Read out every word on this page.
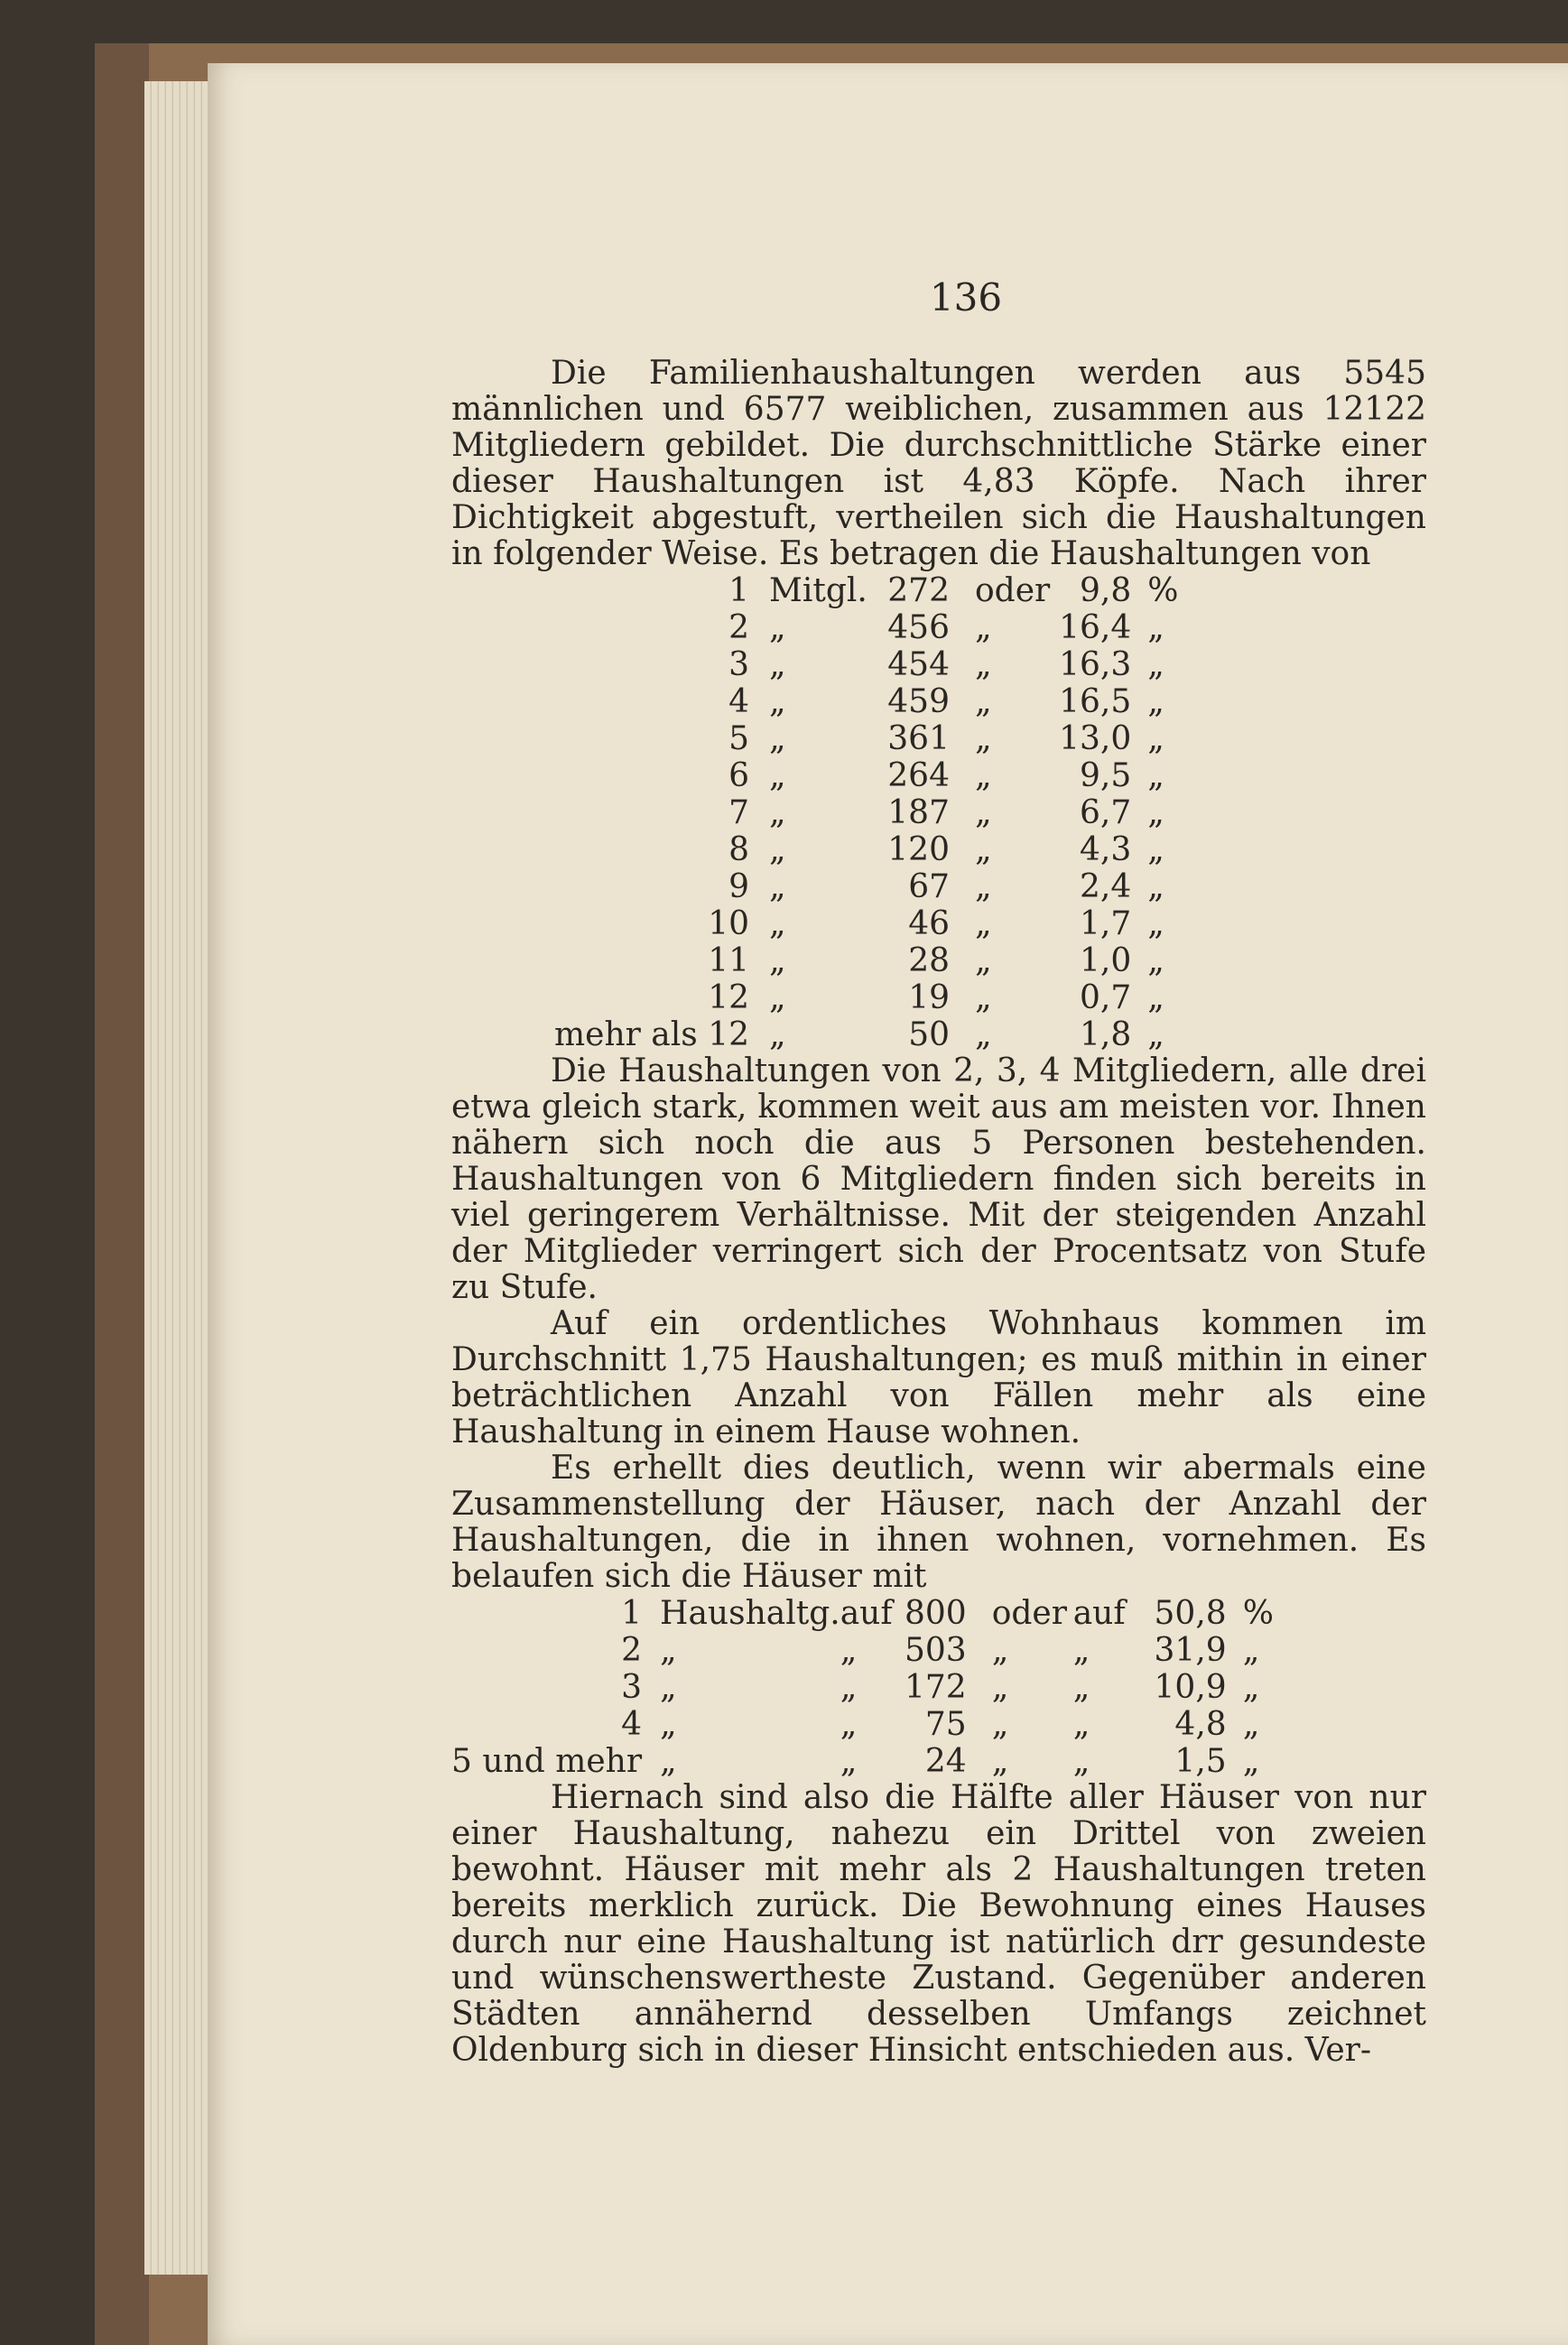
136

Die Familienhaushaltungen werden aus 5545 männlichen und 6577 weiblichen, zusammen aus 12122 Mitgliedern gebildet. Die durchschnittliche Stärke einer dieser Haushaltungen ist 4,83 Köpfe. Nach ihrer Dichtigkeit abgestuft, vertheilen sich die Haushaltungen in folgender Weise. Es betragen die Haushaltungen von

1	Mitgl.	272	oder	9,8	%
2	„	456	„	16,4	„
3	„	454	„	16,3	„
4	„	459	„	16,5	„
5	„	361	„	13,0	„
6	„	264	„	9,5	„
7	„	187	„	6,7	„
8	„	120	„	4,3	„
9	„	67	„	2,4	„
10	„	46	„	1,7	„
11	„	28	„	1,0	„
12	„	19	„	0,7	„
mehr als 12	„	50	„	1,8	„

Die Haushaltungen von 2, 3, 4 Mitgliedern, alle drei etwa gleich stark, kommen weit aus am meisten vor. Ihnen nähern sich noch die aus 5 Personen bestehenden. Haushaltungen von 6 Mitgliedern finden sich bereits in viel geringerem Verhältnisse. Mit der steigenden Anzahl der Mitglieder verringert sich der Procentsatz von Stufe zu Stufe.

Auf ein ordentliches Wohnhaus kommen im Durchschnitt 1,75 Haushaltungen; es muß mithin in einer beträchtlichen Anzahl von Fällen mehr als eine Haushaltung in einem Hause wohnen.

Es erhellt dies deutlich, wenn wir abermals eine Zusammenstellung der Häuser, nach der Anzahl der Haushaltungen, die in ihnen wohnen, vornehmen. Es belaufen sich die Häuser mit

1	Haushaltg.	auf	800	oder	auf	50,8	%
2	„	„	503	„	„	31,9	„
3	„	„	172	„	„	10,9	„
4	„	„	75	„	„	4,8	„
5 und mehr	„	„	24	„	„	1,5	„

Hiernach sind also die Hälfte aller Häuser von nur einer Haushaltung, nahezu ein Drittel von zweien bewohnt. Häuser mit mehr als 2 Haushaltungen treten bereits merklich zurück. Die Bewohnung eines Hauses durch nur eine Haushaltung ist natürlich drr gesundeste und wünschenswertheste Zustand. Gegenüber anderen Städten annähernd desselben Umfangs zeichnet Oldenburg sich in dieser Hinsicht entschieden aus. Ver-
